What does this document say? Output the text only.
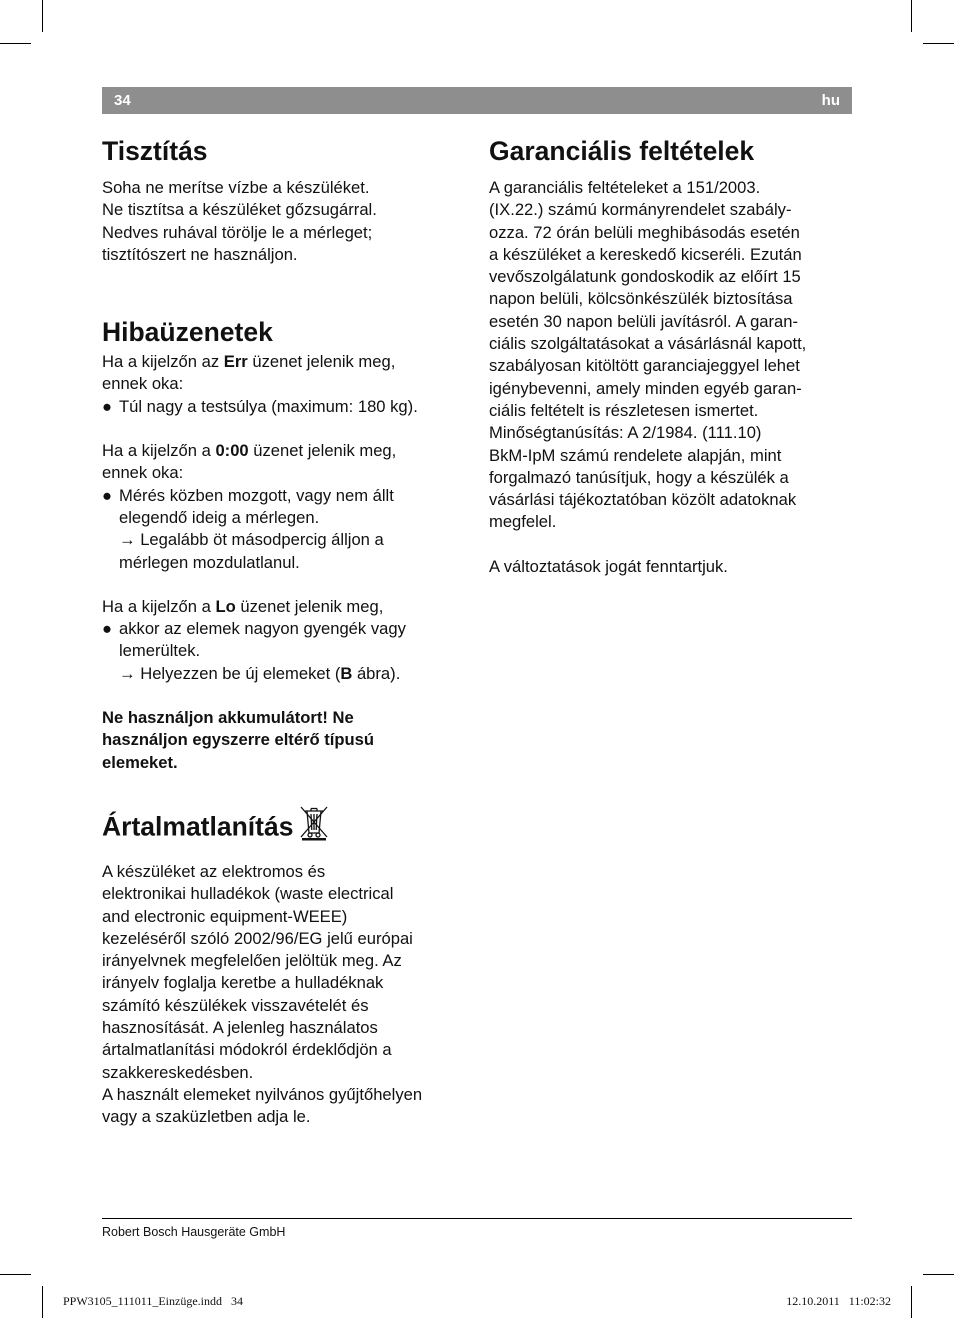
34	hu
Tisztítás

Soha ne merítse vízbe a készüléket.

Ne tisztítsa a készüléket gőzsugárral.

Nedves ruhával törölje le a mérleget;

tisztítószert ne használjon.

Hibaüzenetek

Ha a kijelzőn az Err üzenet jelenik meg,

ennek oka:

● Túl nagy a testsúlya (maximum: 180 kg).

Ha a kijelzőn a 0:00 üzenet jelenik meg,

ennek oka:

● Mérés közben mozgott, vagy nem állt

elegendő ideig a mérlegen.

→ Legalább öt másodpercig álljon a

mérlegen mozdulatlanul.

Ha a kijelzőn a Lo üzenet jelenik meg,

● akkor az elemek nagyon gyengék vagy

lemerültek.

→ Helyezzen be új elemeket (B ábra).

Ne használjon akkumulátort! Ne
használjon egyszerre eltérő típusú
elemeket.

Ártalmatlanítás

A készüléket az elektromos és

elektronikai hulladékok (waste electrical

and electronic equipment-WEEE)

kezeléséről szóló 2002/96/EG jelű európai

irányelvnek megfelelően jelöltük meg. Az

irányelv foglalja keretbe a hulladéknak

számító készülékek visszavételét és

hasznosítását. A jelenleg használatos

ártalmatlanítási módokról érdeklődjön a

szakkereskedésben.

A használt elemeket nyilvános gyűjtőhelyen

vagy a szaküzletben adja le.

Garanciális feltételek

A garanciális feltételeket a 151/2003.

(IX.22.) számú kormányrendelet szabály-

ozza. 72 órán belüli meghibásodás esetén

a készüléket a kereskedő kicseréli. Ezután

vevőszolgálatunk gondoskodik az előírt 15

napon belüli, kölcsönkészülék biztosítása

esetén 30 napon belüli javításról. A garan-

ciális szolgáltatásokat a vásárlásnál kapott,

szabályosan kitöltött garanciajeggyel lehet

igénybevenni, amely minden egyéb garan-

ciális feltételt is részletesen ismertet.

Minőségtanúsítás: A 2/1984. (111.10)

BkM-IpM számú rendelete alapján, mint

forgalmazó tanúsítjuk, hogy a készülék a

vásárlási tájékoztatóban közölt adatoknak

megfelel.

A változtatások jogát fenntartjuk.

Robert Bosch Hausgeräte GmbH
PPW3105_111011_Einzüge.indd   34	12.10.2011   11:02:32
